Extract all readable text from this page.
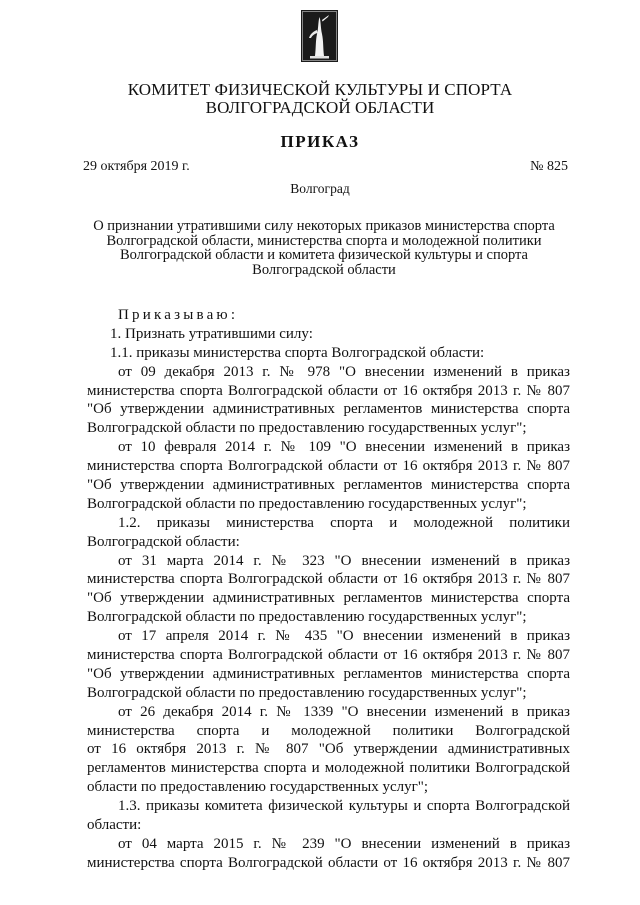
КОМИТЕТ ФИЗИЧЕСКОЙ КУЛЬТУРЫ И СПОРТА
ВОЛГОГРАДСКОЙ ОБЛАСТИ
ПРИКАЗ
29 октября 2019 г.	№ 825
Волгоград
О признании утратившими силу некоторых приказов министерства спорта
Волгоградской области, министерства спорта и молодежной политики
Волгоградской области и комитета физической культуры и спорта
Волгоградской области
Приказываю:
1. Признать утратившими силу:
1.1. приказы министерства спорта Волгоградской области:
от 09 декабря 2013 г. № 978 "О внесении изменений в приказ
министерства спорта Волгоградской области от 16 октября 2013 г. № 807
"Об утверждении административных регламентов министерства спорта
Волгоградской области по предоставлению государственных услуг";
от 10 февраля 2014 г. № 109 "О внесении изменений в приказ
министерства спорта Волгоградской области от 16 октября 2013 г. № 807
"Об утверждении административных регламентов министерства спорта
Волгоградской области по предоставлению государственных услуг";
1.2. приказы министерства спорта и молодежной политики
Волгоградской области:
от 31 марта 2014 г. № 323 "О внесении изменений в приказ
министерства спорта Волгоградской области от 16 октября 2013 г. № 807
"Об утверждении административных регламентов министерства спорта
Волгоградской области по предоставлению государственных услуг";
от 17 апреля 2014 г. № 435 "О внесении изменений в приказ
министерства спорта Волгоградской области от 16 октября 2013 г. № 807
"Об утверждении административных регламентов министерства спорта
Волгоградской области по предоставлению государственных услуг";
от 26 декабря 2014 г. № 1339 "О внесении изменений в приказ
министерства спорта и молодежной политики Волгоградской
от 16 октября 2013 г. № 807 "Об утверждении административных
регламентов министерства спорта и молодежной политики Волгоградской
области по предоставлению государственных услуг";
1.3. приказы комитета физической культуры и спорта Волгоградской
области:
от 04 марта 2015 г. № 239 "О внесении изменений в приказ
министерства спорта Волгоградской области от 16 октября 2013 г. № 807
